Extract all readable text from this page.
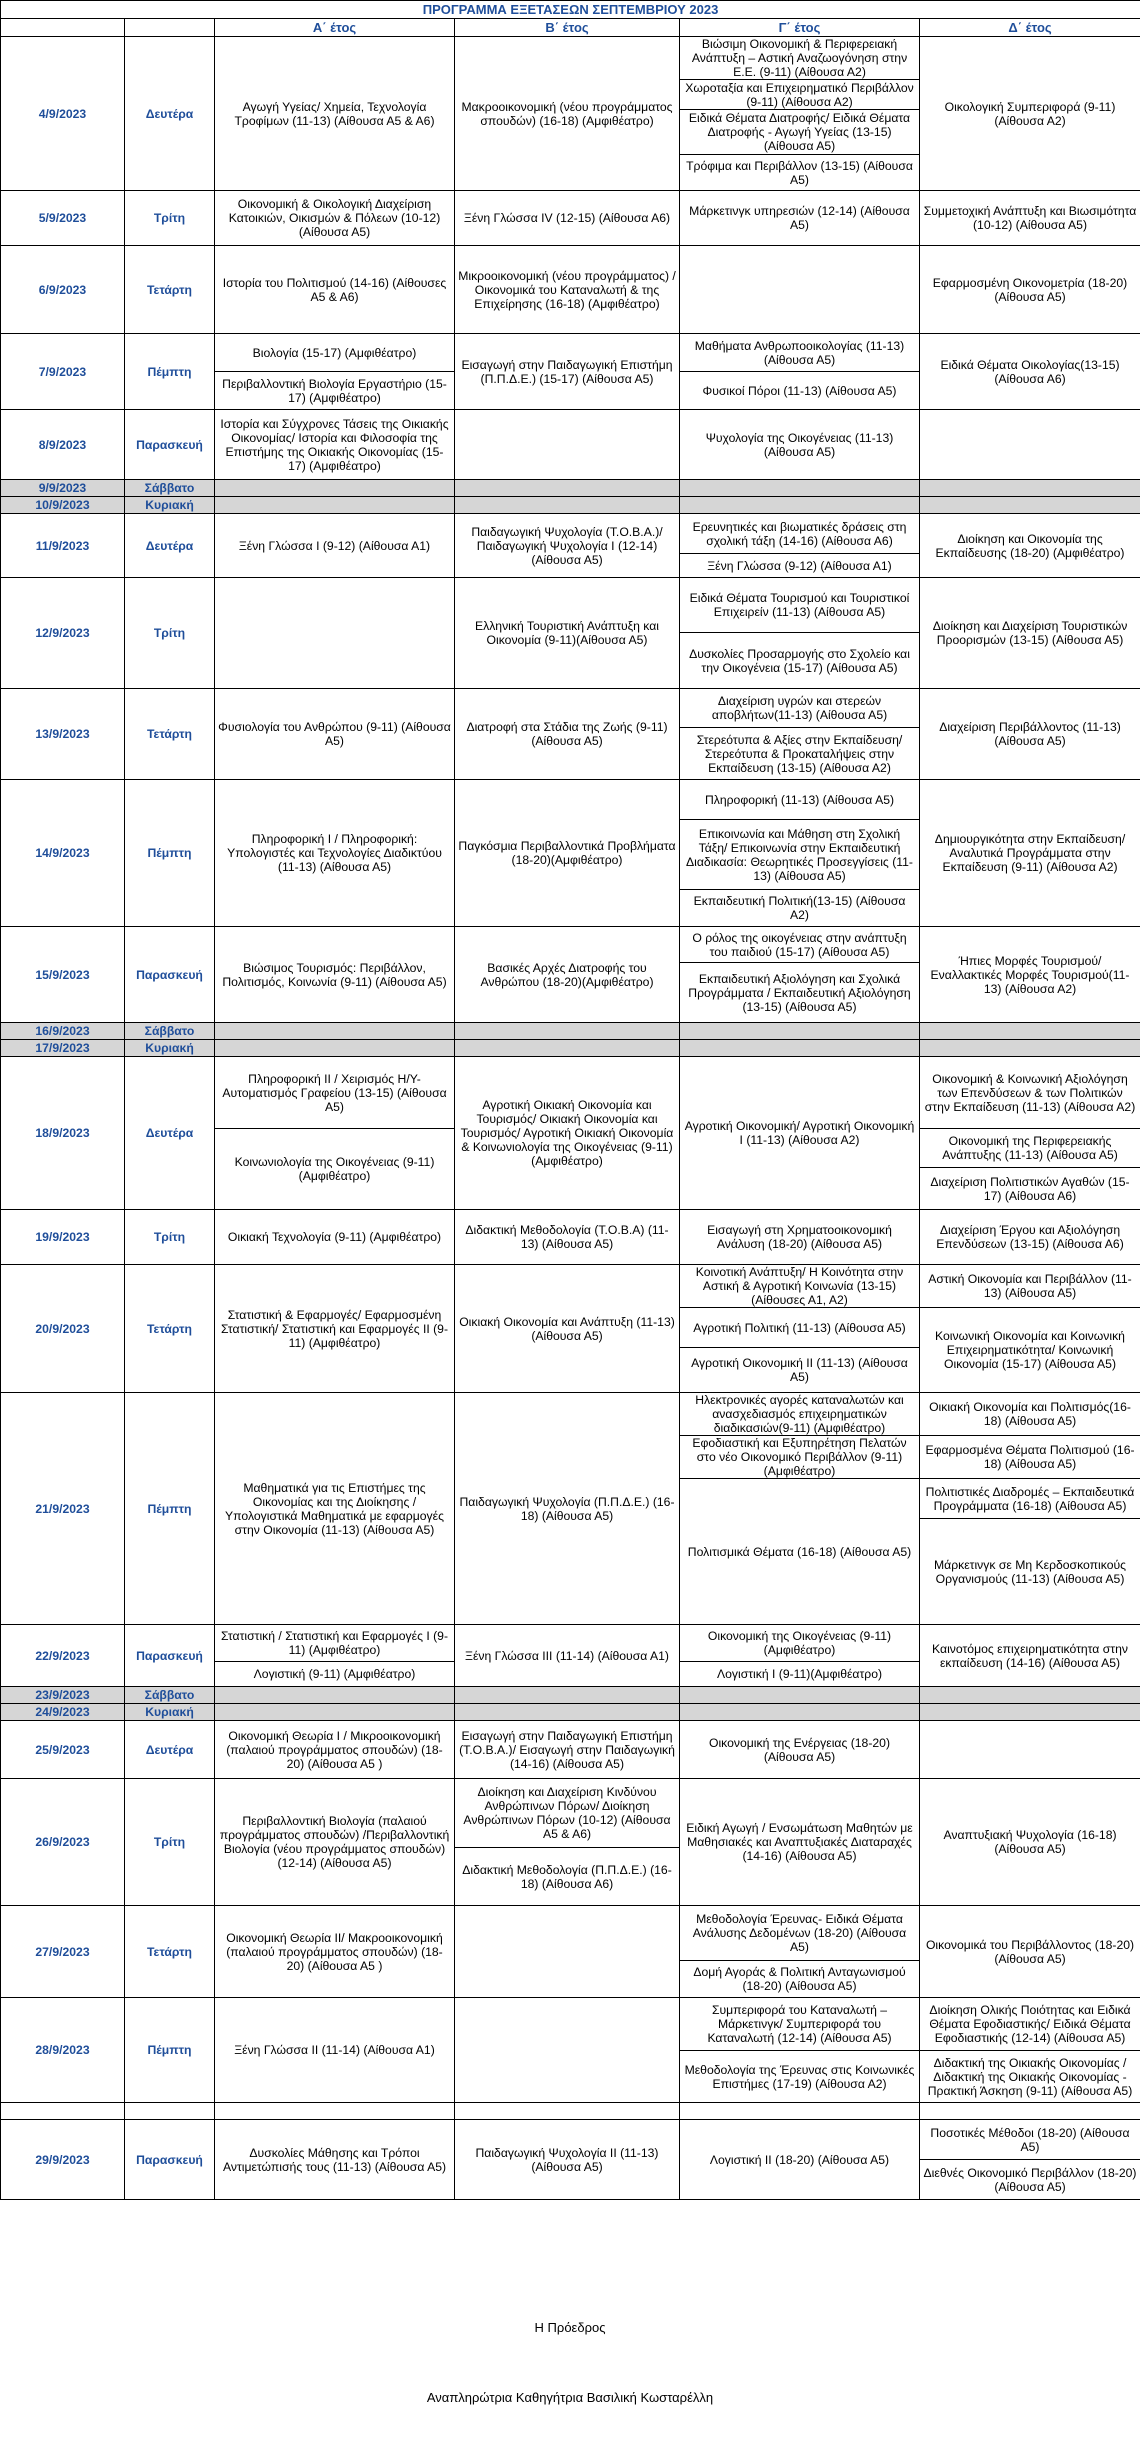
ΠΡΟΓΡΑΜΜΑ ΕΞΕΤΑΣΕΩΝ ΣΕΠΤΕΜΒΡΙΟΥ 2023					
		Α΄ έτος	Β΄ έτος	Γ΄ έτος	Δ΄ έτος
4/9/2023	Δευτέρα	Αγωγή Υγείας/ Χημεία, Τεχνολογία Τροφίμων (11-13) (Αίθουσα Α5 & Α6)	Μακροοικονομική (νέου προγράμματος σπουδών) (16-18) (Αμφιθέατρο)	Βιώσιμη Οικονομική & Περιφερειακή Ανάπτυξη – Αστική Αναζωογόνηση στην Ε.Ε. (9-11) (Αίθουσα Α2)	Οικολογική Συμπεριφορά (9-11) (Αίθουσα Α2)
				Χωροταξία και Επιχειρηματικό Περιβάλλον (9-11) (Αίθουσα Α2)	
				Ειδικά Θέματα Διατροφής/ Ειδικά Θέματα Διατροφής - Αγωγή Υγείας (13-15) (Αίθουσα Α5)	
				Τρόφιμα και Περιβάλλον (13-15) (Αίθουσα Α5)	
5/9/2023	Τρίτη	Οικονομική & Οικολογική Διαχείριση Κατοικιών, Οικισμών & Πόλεων (10-12) (Αίθουσα Α5)	Ξένη Γλώσσα IV (12-15) (Αίθουσα Α6)	Μάρκετινγκ υπηρεσιών (12-14) (Αίθουσα Α5)	Συμμετοχική Ανάπτυξη και Βιωσιμότητα (10-12) (Αίθουσα Α5)
6/9/2023	Τετάρτη	Ιστορία του Πολιτισμού (14-16) (Αίθουσες Α5 & Α6)	Μικροοικονομική (νέου προγράμματος) / Οικονομικά του Καταναλωτή & της Επιχείρησης (16-18) (Αμφιθέατρο)		Εφαρμοσμένη Οικονομετρία (18-20) (Αίθουσα Α5)
7/9/2023	Πέμπτη	Βιολογία (15-17) (Αμφιθέατρο)	Εισαγωγή στην Παιδαγωγική Επιστήμη (Π.Π.Δ.Ε.) (15-17) (Αίθουσα Α5)	Μαθήματα Ανθρωποοικολογίας (11-13) (Αίθουσα Α5)	Ειδικά Θέματα Οικολογίας(13-15) (Αίθουσα Α6)
		Περιβαλλοντική Βιολογία Εργαστήριο (15-17) (Αμφιθέατρο)		Φυσικοί Πόροι (11-13) (Αίθουσα Α5)	
8/9/2023	Παρασκευή	Ιστορία και Σύγχρονες Τάσεις της Οικιακής Οικονομίας/ Ιστορία και Φιλοσοφία της Επιστήμης της Οικιακής Οικονομίας (15-17) (Αμφιθέατρο)		Ψυχολογία της Οικογένειας (11-13) (Αίθουσα Α5)	
9/9/2023	Σάββατο				
10/9/2023	Κυριακή				
11/9/2023	Δευτέρα	Ξένη Γλώσσα I (9-12) (Αίθουσα Α1)	Παιδαγωγική Ψυχολογία (Τ.Ο.Β.Α.)/ Παιδαγωγική Ψυχολογία I (12-14) (Αίθουσα Α5)	Ερευνητικές και βιωματικές δράσεις στη σχολική τάξη (14-16) (Αίθουσα Α6)	Διοίκηση και Οικονομία της Εκπαίδευσης (18-20) (Αμφιθέατρο)
				Ξένη Γλώσσα (9-12) (Αίθουσα Α1)	
12/9/2023	Τρίτη		Ελληνική Τουριστική Ανάπτυξη και Οικονομία (9-11)(Αίθουσα Α5)	Ειδικά Θέματα Τουρισμού και Τουριστικοί Επιχειρείν (11-13) (Αίθουσα Α5)	Διοίκηση και Διαχείριση Τουριστικών Προορισμών (13-15) (Αίθουσα Α5)
				Δυσκολίες Προσαρμογής στο Σχολείο και την Οικογένεια (15-17) (Αίθουσα Α5)	
13/9/2023	Τετάρτη	Φυσιολογία του Ανθρώπου (9-11) (Αίθουσα Α5)	Διατροφή στα Στάδια της Ζωής (9-11) (Αίθουσα Α5)	Διαχείριση υγρών και στερεών αποβλήτων(11-13) (Αίθουσα Α5)	Διαχείριση Περιβάλλοντος (11-13)(Αίθουσα Α5)
				Στερεότυπα & Αξίες στην Εκπαίδευση/ Στερεότυπα & Προκαταλήψεις στην Εκπαίδευση (13-15) (Αίθουσα Α2)	
14/9/2023	Πέμπτη	Πληροφορική I / Πληροφορική: Υπολογιστές και Τεχνολογίες Διαδικτύου (11-13) (Αίθουσα Α5)	Παγκόσμια Περιβαλλοντικά Προβλήματα (18-20)(Αμφιθέατρο)	Πληροφορική (11-13) (Αίθουσα Α5)	Δημιουργικότητα στην Εκπαίδευση/ Αναλυτικά Προγράμματα στην Εκπαίδευση (9-11) (Αίθουσα Α2)
				Επικοινωνία και Μάθηση στη Σχολική Τάξη/ Επικοινωνία στην Εκπαιδευτική Διαδικασία: Θεωρητικές Προσεγγίσεις (11-13) (Αίθουσα Α5)	
				Εκπαιδευτική Πολιτική(13-15) (Αίθουσα Α2)	
15/9/2023	Παρασκευή	Βιώσιμος Τουρισμός: Περιβάλλον, Πολιτισμός, Κοινωνία (9-11) (Αίθουσα Α5)	Βασικές Αρχές Διατροφής του Ανθρώπου (18-20)(Αμφιθέατρο)	Ο ρόλος της οικογένειας στην ανάπτυξη του παιδιού (15-17) (Αίθουσα Α5)	Ήπιες Μορφές Τουρισμού/ Εναλλακτικές Μορφές Τουρισμού(11-13) (Αίθουσα Α2)
				Εκπαιδευτική Αξιολόγηση και Σχολικά Προγράμματα / Εκπαιδευτική Αξιολόγηση (13-15) (Αίθουσα Α5)	
16/9/2023	Σάββατο				
17/9/2023	Κυριακή				
18/9/2023	Δευτέρα	Πληροφορική II / Χειρισμός Η/Υ- Αυτοματισμός Γραφείου (13-15) (Αίθουσα Α5)	Αγροτική Οικιακή Οικονομία και Τουρισμός/ Οικιακή Οικονομία και Τουρισμός/ Αγροτική Οικιακή Οικονομία & Κοινωνιολογία της Οικογένειας (9-11) (Αμφιθέατρο)	Αγροτική Οικονομική/ Αγροτική Οικονομική I (11-13) (Αίθουσα Α2)	Οικονομική & Κοινωνική Αξιολόγηση των Επενδύσεων & των Πολιτικών στην Εκπαίδευση (11-13) (Αίθουσα Α2)
		Κοινωνιολογία της Οικογένειας (9-11) (Αμφιθέατρο)			Οικονομική της Περιφερειακής Ανάπτυξης (11-13) (Αίθουσα Α5)
					Διαχείριση Πολιτιστικών Αγαθών (15-17) (Αίθουσα Α6)
19/9/2023	Τρίτη	Οικιακή Τεχνολογία (9-11) (Αμφιθέατρο)	Διδακτική Μεθοδολογία (Τ.Ο.Β.Α) (11-13) (Αίθουσα Α5)	Εισαγωγή στη Χρηματοοικονομική Ανάλυση (18-20) (Αίθουσα Α5)	Διαχείριση Έργου και Αξιολόγηση Επενδύσεων (13-15) (Αίθουσα Α6)
20/9/2023	Τετάρτη	Στατιστική & Εφαρμογές/ Εφαρμοσμένη Στατιστική/ Στατιστική και Εφαρμογές II (9-11) (Αμφιθέατρο)	Οικιακή Οικονομία και Ανάπτυξη (11-13) (Αίθουσα Α5)	Κοινοτική Ανάπτυξη/ Η Κοινότητα στην Αστική & Αγροτική Κοινωνία (13-15) (Αίθουσες Α1, Α2)	Αστική Οικονομία και Περιβάλλον (11-13) (Αίθουσα Α5)
				Αγροτική Πολιτική (11-13) (Αίθουσα Α5)	Κοινωνική Οικονομία και Κοινωνική Επιχειρηματικότητα/ Κοινωνική Οικονομία (15-17) (Αίθουσα Α5)
				Αγροτική Οικονομική II (11-13) (Αίθουσα Α5)	
21/9/2023	Πέμπτη	Μαθηματικά για τις Επιστήμες της Οικονομίας και της Διοίκησης / Υπολογιστικά Μαθηματικά με εφαρμογές στην Οικονομία (11-13) (Αίθουσα Α5)	Παιδαγωγική Ψυχολογία (Π.Π.Δ.Ε.) (16-18) (Αίθουσα Α5)	Ηλεκτρονικές αγορές καταναλωτών και ανασχεδιασμός επιχειρηματικών διαδικασιών(9-11) (Αμφιθέατρο)	Οικιακή Οικονομία και Πολιτισμός(16-18) (Αίθουσα Α5)
				Εφοδιαστική και Εξυπηρέτηση Πελατών στο νέο Οικονομικό Περιβάλλον (9-11) (Αμφιθέατρο)	Εφαρμοσμένα Θέματα Πολιτισμού (16-18) (Αίθουσα Α5)
				Πολιτισμικά Θέματα (16-18) (Αίθουσα Α5)	Πολιτιστικές Διαδρομές – Εκπαιδευτικά Προγράμματα (16-18) (Αίθουσα Α5)
					Μάρκετινγκ σε Μη Κερδοσκοπικούς Οργανισμούς (11-13) (Αίθουσα Α5)
22/9/2023	Παρασκευή	Στατιστική / Στατιστική και Εφαρμογές I (9-11) (Αμφιθέατρο)	Ξένη Γλώσσα III (11-14) (Αίθουσα Α1)	Οικονομική της Οικογένειας (9-11)(Αμφιθέατρο)	Καινοτόμος επιχειρηματικότητα στην εκπαίδευση (14-16) (Αίθουσα Α5)
		Λογιστική (9-11) (Αμφιθέατρο)		Λογιστική I (9-11)(Αμφιθέατρο)	
23/9/2023	Σάββατο				
24/9/2023	Κυριακή				
25/9/2023	Δευτέρα	Οικονομική Θεωρία I / Μικροοικονομική (παλαιού προγράμματος σπουδών) (18-20) (Αίθουσα Α5 )	Εισαγωγή στην Παιδαγωγική Επιστήμη (Τ.Ο.Β.Α.)/ Εισαγωγή στην Παιδαγωγική (14-16) (Αίθουσα Α5)	Οικονομική της Ενέργειας (18-20) (Αίθουσα Α5)	
26/9/2023	Τρίτη	Περιβαλλοντική Βιολογία (παλαιού προγράμματος σπουδών) /Περιβαλλοντική Βιολογία (νέου προγράμματος σπουδών) (12-14) (Αίθουσα Α5)	Διοίκηση και Διαχείριση Κινδύνου Ανθρώπινων Πόρων/ Διοίκηση Ανθρώπινων Πόρων (10-12) (Αίθουσα Α5 & Α6)	Ειδική Αγωγή / Ενσωμάτωση Μαθητών με Μαθησιακές και Αναπτυξιακές Διαταραχές (14-16) (Αίθουσα Α5)	Αναπτυξιακή Ψυχολογία (16-18) (Αίθουσα Α5)
			Διδακτική Μεθοδολογία (Π.Π.Δ.Ε.) (16-18) (Αίθουσα Α6)		
27/9/2023	Τετάρτη	Οικονομική Θεωρία II/ Μακροοικονομική (παλαιού προγράμματος σπουδών) (18-20) (Αίθουσα Α5 )		Μεθοδολογία Έρευνας- Ειδικά Θέματα Ανάλυσης Δεδομένων (18-20) (Αίθουσα Α5)	Οικονομικά του Περιβάλλοντος (18-20) (Αίθουσα Α5)
				Δομή Αγοράς & Πολιτική Ανταγωνισμού (18-20) (Αίθουσα Α5)	
28/9/2023	Πέμπτη	Ξένη Γλώσσα II (11-14) (Αίθουσα Α1)		Συμπεριφορά του Καταναλωτή – Μάρκετινγκ/ Συμπεριφορά του Καταναλωτή (12-14) (Αίθουσα Α5)	Διοίκηση Ολικής Ποιότητας και Ειδικά Θέματα Εφοδιαστικής/ Ειδικά Θέματα Εφοδιαστικής (12-14) (Αίθουσα Α5)
				Μεθοδολογία της Έρευνας στις Κοινωνικές Επιστήμες (17-19) (Αίθουσα Α2)	Διδακτική της Οικιακής Οικονομίας / Διδακτική της Οικιακής Οικονομίας - Πρακτική Άσκηση (9-11) (Αίθουσα Α5)

29/9/2023	Παρασκευή	Δυσκολίες Μάθησης και Τρόποι Αντιμετώπισής τους (11-13) (Αίθουσα Α5)	Παιδαγωγική Ψυχολογία II (11-13) (Αίθουσα Α5)	Λογιστική II (18-20) (Αίθουσα Α5)	Ποσοτικές Μέθοδοι (18-20) (Αίθουσα Α5)
					Διεθνές Οικονομικό Περιβάλλον (18-20) (Αίθουσα Α5)
Η Πρόεδρος
Αναπληρώτρια Καθηγήτρια Βασιλική Κωσταρέλλη
